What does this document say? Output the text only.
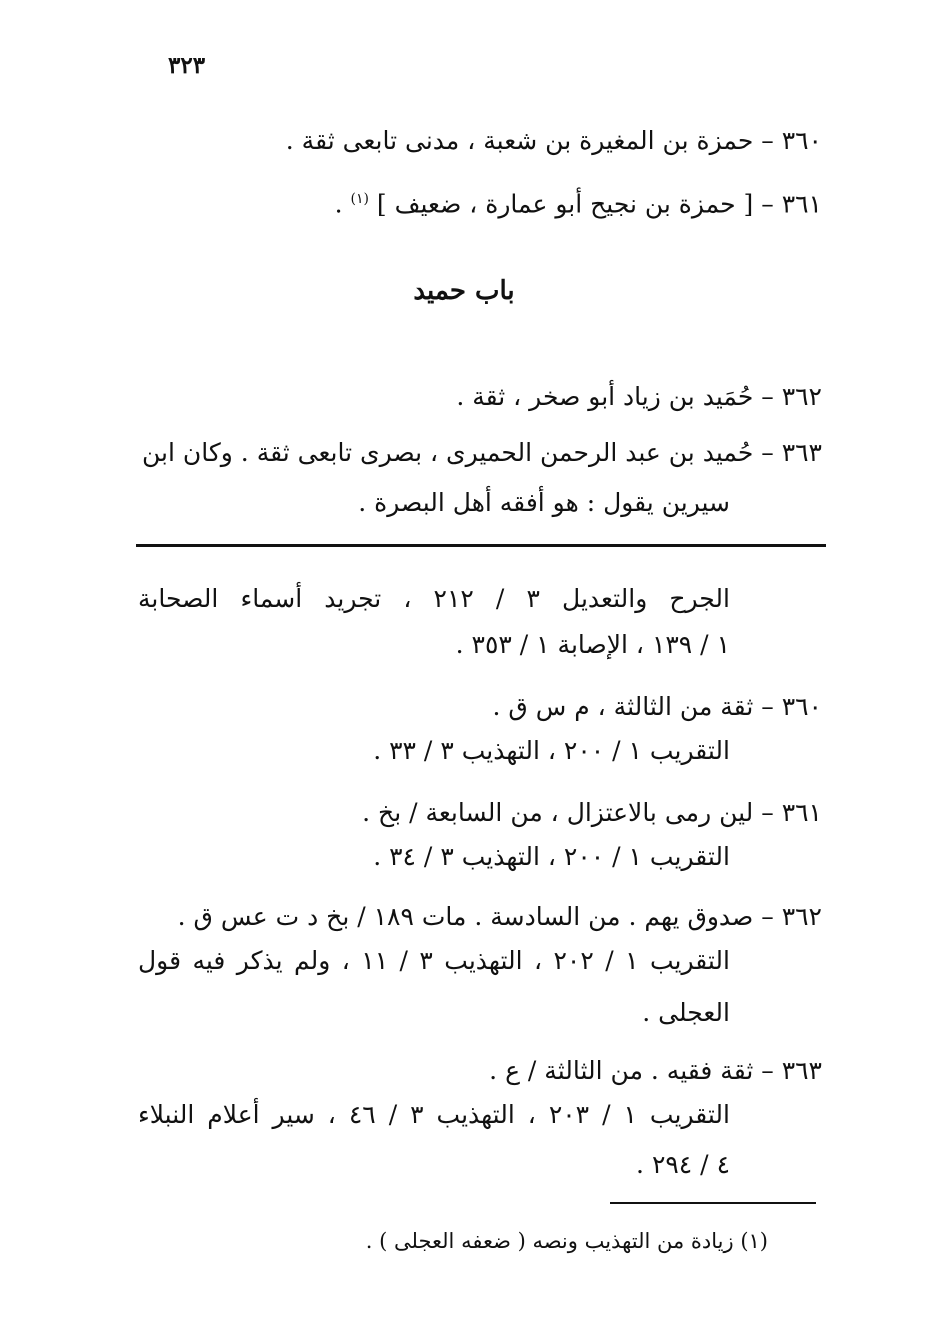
٣٢٣
٣٦٠ – حمزة بن المغيرة بن شعبة ، مدنى تابعى ثقة .
٣٦١ – [ حمزة بن نجيح أبو عمارة ، ضعيف ] $^{(١)}$ .
باب حميد
٣٦٢ – حُمَيد بن زياد أبو صخر ، ثقة .
٣٦٣ – حُميد بن عبد الرحمن الحميرى ، بصرى تابعى ثقة . وكان ابن
سيرين يقول : هو أفقه أهل البصرة .
الجرح والتعديل ٣ / ٢١٢ ، تجريد أسماء الصحابة
١ / ١٣٩ ، الإصابة ١ / ٣٥٣ .
٣٦٠ – ثقة من الثالثة ، م س ق .
التقريب ١ / ٢٠٠ ، التهذيب ٣ / ٣٣ .
٣٦١ – لين رمى بالاعتزال ، من السابعة / بخ .
التقريب ١ / ٢٠٠ ، التهذيب ٣ / ٣٤ .
٣٦٢ – صدوق يهم . من السادسة . مات ١٨٩ / بخ د ت عس ق .
التقريب ١ / ٢٠٢ ، التهذيب ٣ / ١١ ، ولم يذكر فيه قول
العجلى .
٣٦٣ – ثقة فقيه . من الثالثة / ع .
التقريب ١ / ٢٠٣ ، التهذيب ٣ / ٤٦ ، سير أعلام النبلاء
٤ / ٢٩٤ .
(١) زيادة من التهذيب ونصه ( ضعفه العجلى ) .
